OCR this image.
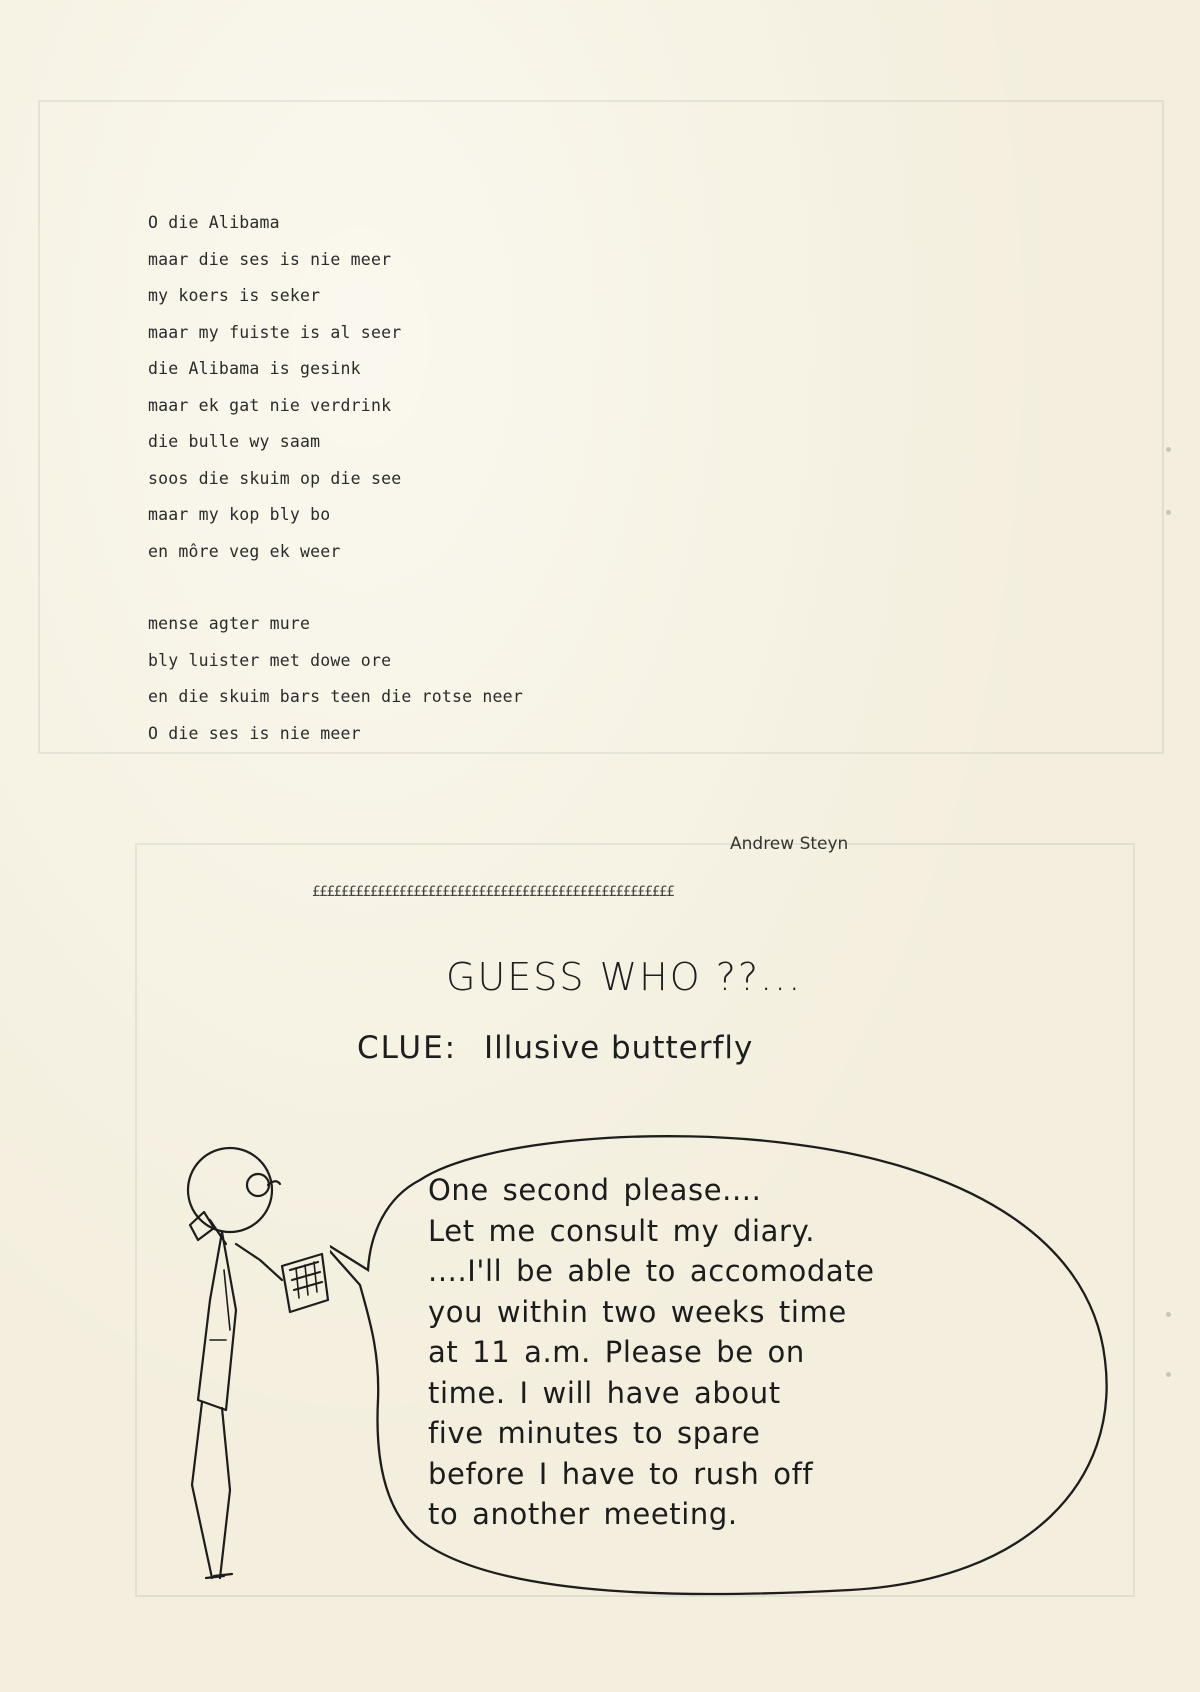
O die Alibama
maar die ses is nie meer
my koers is seker
maar my fuiste is al seer
die Alibama is gesink
maar ek gat nie verdrink
die bulle wy saam
soos die skuim op die see
maar my kop bly bo
en môre veg ek weer
mense agter mure
bly luister met dowe ore
en die skuim bars teen die rotse neer
O die ses is nie meer
Andrew Steyn
££££££££££££££££££££££££££££££££££££££££££££££££££
GUESS WHO ??...
CLUE: Illusive butterfly
One second please....
Let me consult my diary.
....I'll be able to accomodate
you within two weeks time
at 11 a.m. Please be on
time. I will have about
five minutes to spare
before I have to rush off
to another meeting.
